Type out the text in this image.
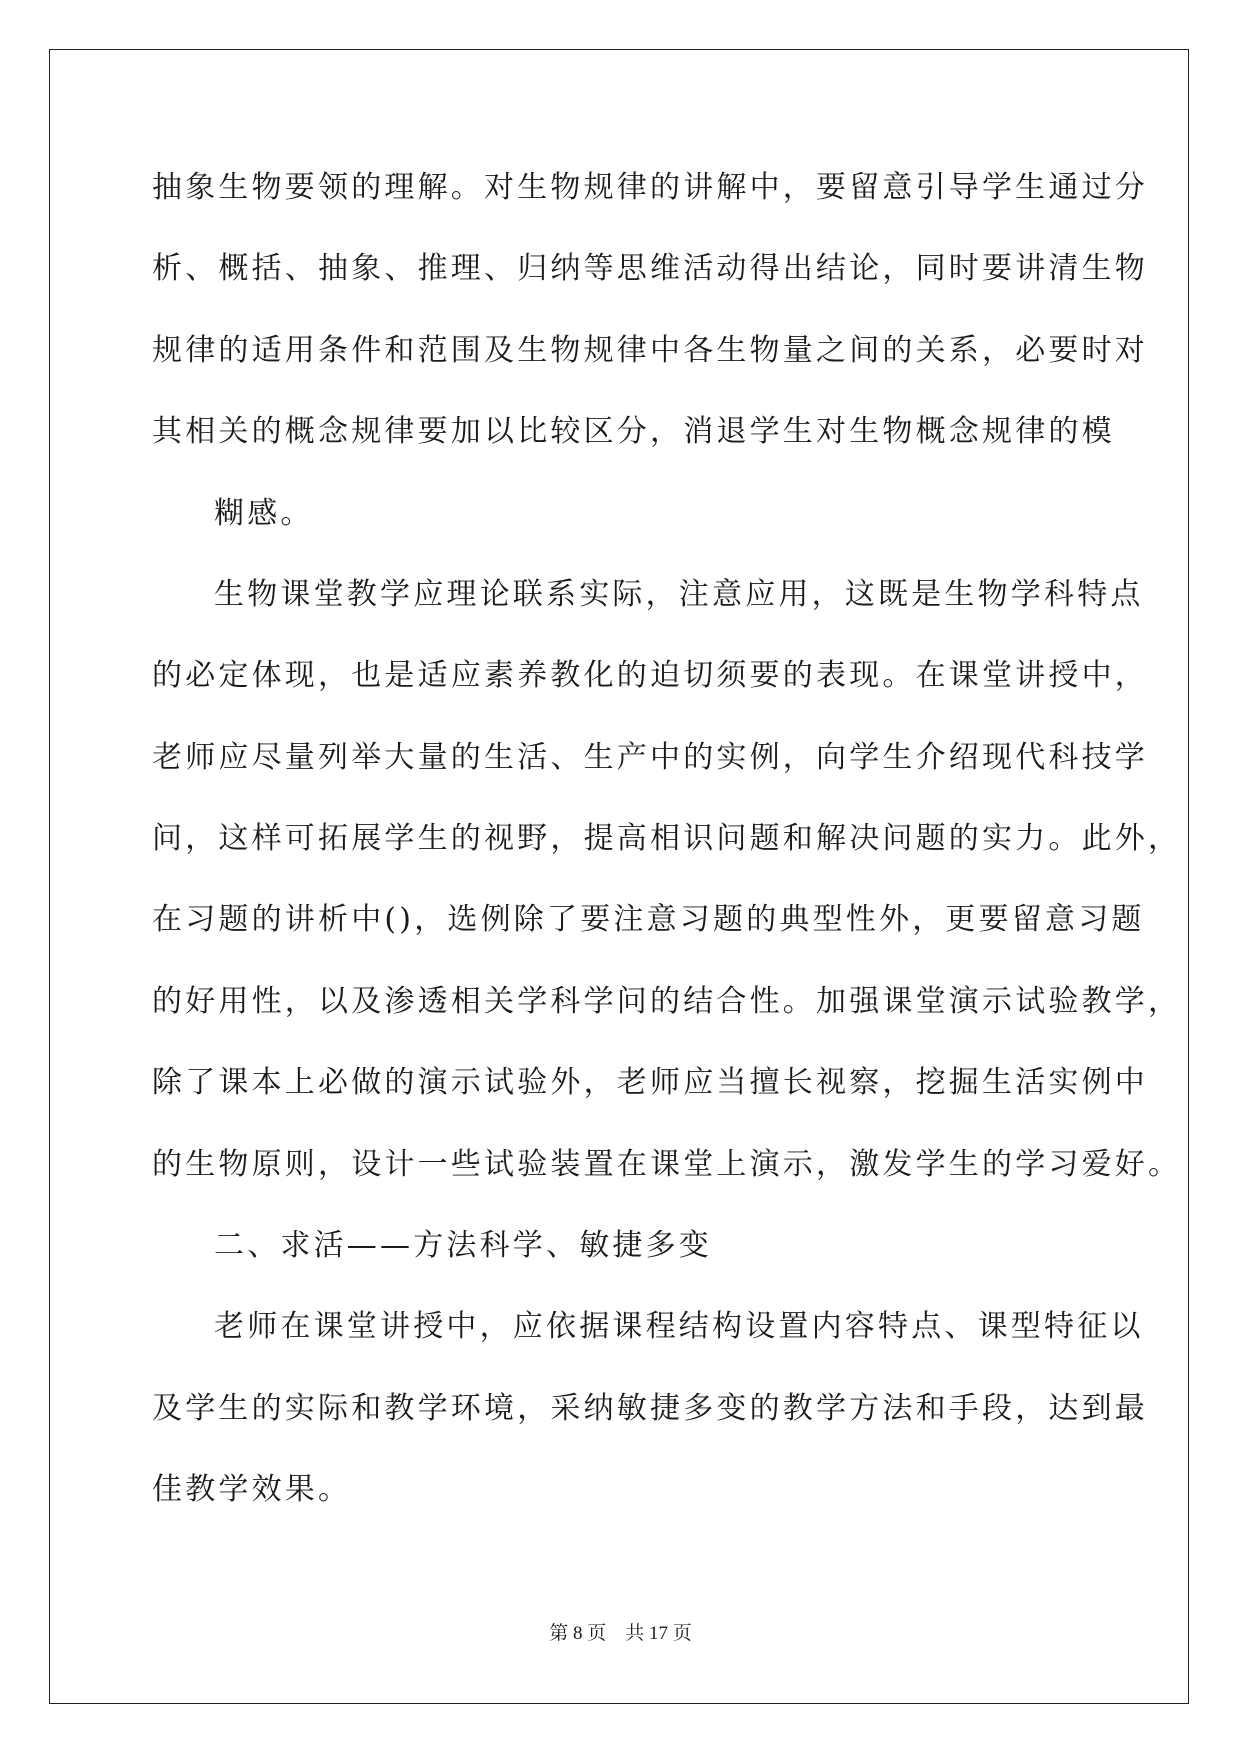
抽象生物要领的理解。对生物规律的讲解中，要留意引导学生通过分
析、概括、抽象、推理、归纳等思维活动得出结论，同时要讲清生物
规律的适用条件和范围及生物规律中各生物量之间的关系，必要时对
其相关的概念规律要加以比较区分，消退学生对生物概念规律的模
糊感。
生物课堂教学应理论联系实际，注意应用，这既是生物学科特点
的必定体现，也是适应素养教化的迫切须要的表现。在课堂讲授中，
老师应尽量列举大量的生活、生产中的实例，向学生介绍现代科技学
问，这样可拓展学生的视野，提高相识问题和解决问题的实力。此外，
在习题的讲析中()，选例除了要注意习题的典型性外，更要留意习题
的好用性，以及渗透相关学科学问的结合性。加强课堂演示试验教学，
除了课本上必做的演示试验外，老师应当擅长视察，挖掘生活实例中
的生物原则，设计一些试验装置在课堂上演示，激发学生的学习爱好。
二、求活——方法科学、敏捷多变
老师在课堂讲授中，应依据课程结构设置内容特点、课型特征以
及学生的实际和教学环境，采纳敏捷多变的教学方法和手段，达到最
佳教学效果。
第 8 页    共 17 页
